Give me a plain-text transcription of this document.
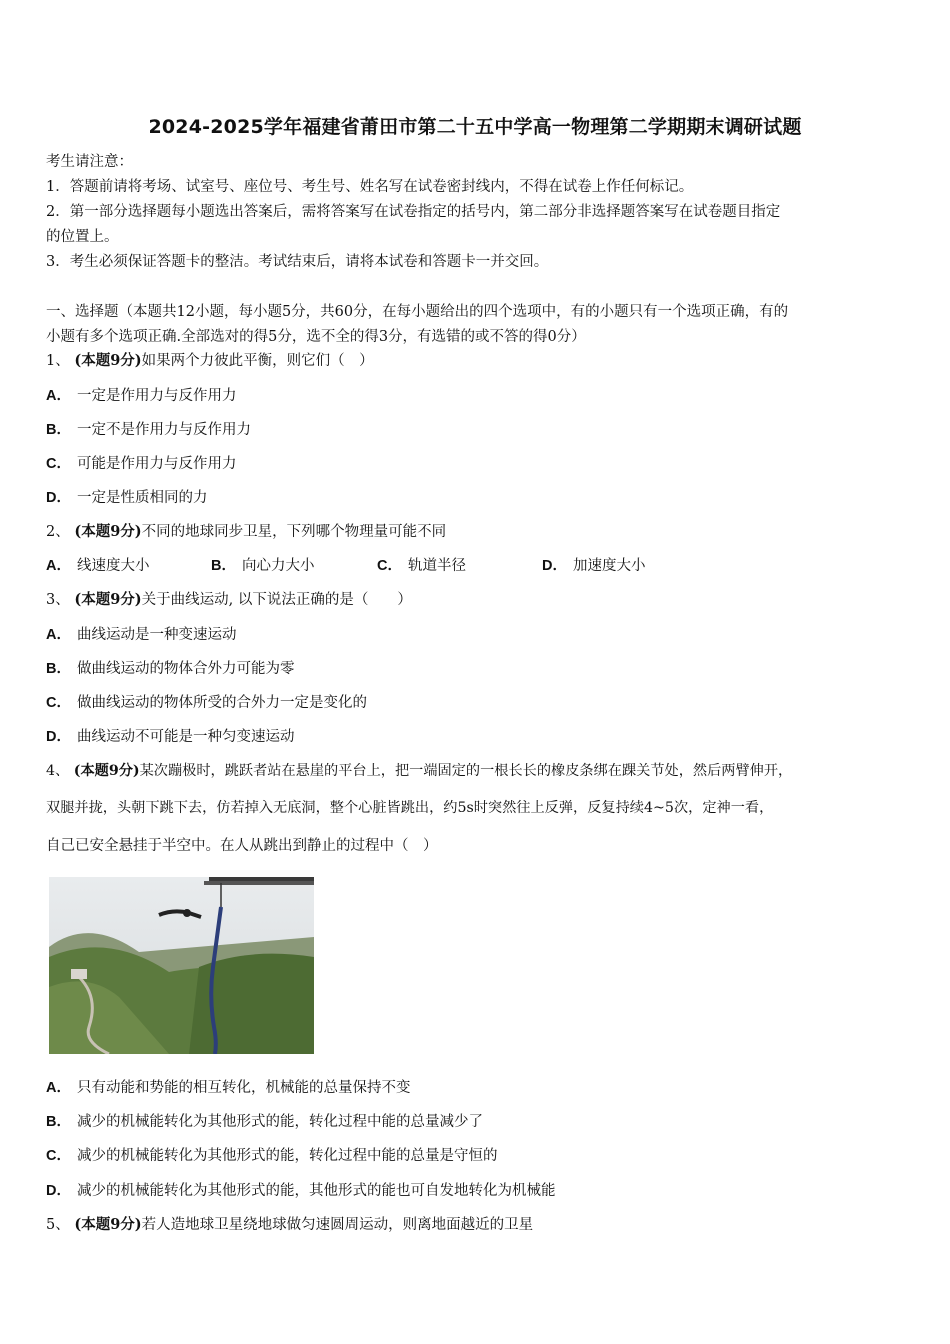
2024-2025学年福建省莆田市第二十五中学高一物理第二学期期末调研试题
考生请注意：
1．答题前请将考场、试室号、座位号、考生号、姓名写在试卷密封线内，不得在试卷上作任何标记。
2．第一部分选择题每小题选出答案后，需将答案写在试卷指定的括号内，第二部分非选择题答案写在试卷题目指定
的位置上。
3．考生必须保证答题卡的整洁。考试结束后，请将本试卷和答题卡一并交回。
一、选择题（本题共12小题，每小题5分，共60分，在每小题给出的四个选项中，有的小题只有一个选项正确，有的
小题有多个选项正确.全部选对的得5分，选不全的得3分，有选错的或不答的得0分）
1、 (本题9分)如果两个力彼此平衡，则它们（　）
A． 一定是作用力与反作用力
B． 一定不是作用力与反作用力
C． 可能是作用力与反作用力
D． 一定是性质相同的力
2、 (本题9分)不同的地球同步卫星，下列哪个物理量可能不同
A． 线速度大小	B． 向心力大小	C． 轨道半径	D． 加速度大小
3、 (本题9分)关于曲线运动, 以下说法正确的是（　　）
A． 曲线运动是一种变速运动
B． 做曲线运动的物体合外力可能为零
C． 做曲线运动的物体所受的合外力一定是变化的
D． 曲线运动不可能是一种匀变速运动
4、 (本题9分)某次蹦极时，跳跃者站在悬崖的平台上，把一端固定的一根长长的橡皮条绑在踝关节处，然后两臂伸开，
双腿并拢，头朝下跳下去，仿若掉入无底洞，整个心脏皆跳出，约5s时突然往上反弹，反复持续4~5次，定神一看，
自己已安全悬挂于半空中。在人从跳出到静止的过程中（　）
A． 只有动能和势能的相互转化，机械能的总量保持不变
B． 减少的机械能转化为其他形式的能，转化过程中能的总量减少了
C． 减少的机械能转化为其他形式的能，转化过程中能的总量是守恒的
D． 减少的机械能转化为其他形式的能，其他形式的能也可自发地转化为机械能
5、 (本题9分)若人造地球卫星绕地球做匀速圆周运动，则离地面越近的卫星
